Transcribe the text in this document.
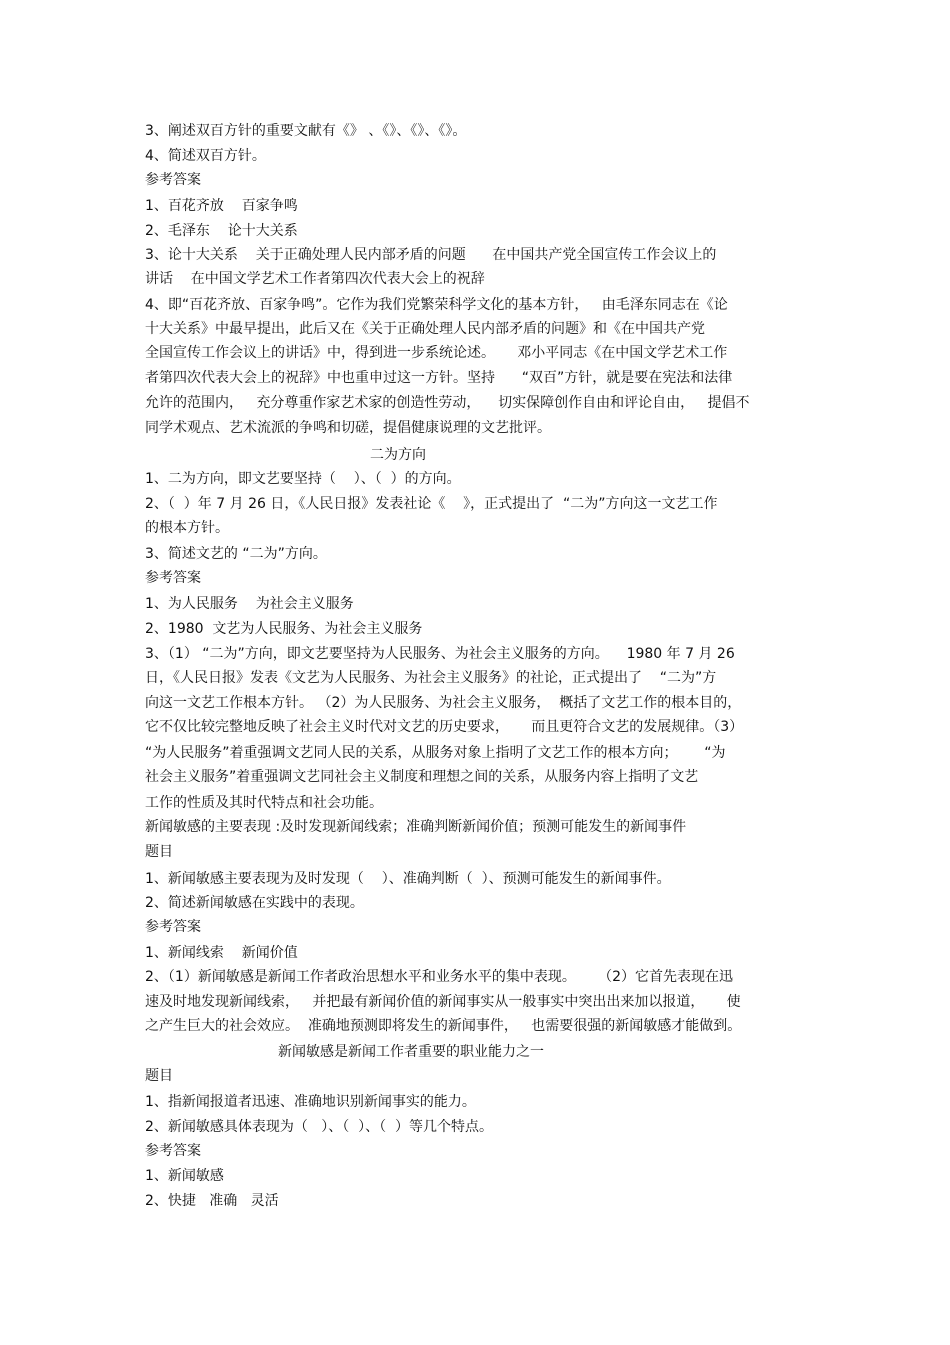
3、阐述双百方针的重要文献有《》 、《》、《》、《》。
4、简述双百方针。
参考答案
1、百花齐放    百家争鸣
2、毛泽东    论十大关系
3、论十大关系    关于正确处理人民内部矛盾的问题      在中国共产党全国宣传工作会议上的
讲话    在中国文学艺术工作者第四次代表大会上的祝辞
4、即“百花齐放、百家争鸣”。它作为我们党繁荣科学文化的基本方针，   由毛泽东同志在《论
十大关系》中最早提出，此后又在《关于正确处理人民内部矛盾的问题》和《在中国共产党
全国宣传工作会议上的讲话》中，得到进一步系统论述。     邓小平同志《在中国文学艺术工作
者第四次代表大会上的祝辞》中也重申过这一方针。坚持      “双百”方针，就是要在宪法和法律
允许的范围内，   充分尊重作家艺术家的创造性劳动，    切实保障创作自由和评论自由，   提倡不
同学术观点、艺术流派的争鸣和切磋，提倡健康说理的文艺批评。
二为方向
1、二为方向，即文艺要坚持（    ）、（  ）的方向。
2、（  ）年 7 月 26 日，《人民日报》发表社论《    》，正式提出了  “二为”方向这一文艺工作
的根本方针。
3、简述文艺的 “二为”方向。
参考答案
1、为人民服务    为社会主义服务
2、1980  文艺为人民服务、为社会主义服务
3、（1） “二为”方向，即文艺要坚持为人民服务、为社会主义服务的方向。    1980 年 7 月 26
日，《人民日报》发表《文艺为人民服务、为社会主义服务》的社论，正式提出了    “二为”方
向这一文艺工作根本方针。 （2）为人民服务、为社会主义服务，  概括了文艺工作的根本目的，
它不仅比较完整地反映了社会主义时代对文艺的历史要求，     而且更符合文艺的发展规律。（3）
“为人民服务”着重强调文艺同人民的关系，从服务对象上指明了文艺工作的根本方向；      “为
社会主义服务”着重强调文艺同社会主义制度和理想之间的关系，从服务内容上指明了文艺
工作的性质及其时代特点和社会功能。
新闻敏感的主要表现 :及时发现新闻线索；准确判断新闻价值；预测可能发生的新闻事件
题目
1、新闻敏感主要表现为及时发现（    ）、准确判断（  ）、预测可能发生的新闻事件。
2、简述新闻敏感在实践中的表现。
参考答案
1、新闻线索    新闻价值
2、（1）新闻敏感是新闻工作者政治思想水平和业务水平的集中表现。     （2）它首先表现在迅
速及时地发现新闻线索，   并把最有新闻价值的新闻事实从一般事实中突出出来加以报道，     使
之产生巨大的社会效应。  准确地预测即将发生的新闻事件，   也需要很强的新闻敏感才能做到。
新闻敏感是新闻工作者重要的职业能力之一
题目
1、指新闻报道者迅速、准确地识别新闻事实的能力。
2、新闻敏感具体表现为（   ）、（  ）、（  ）等几个特点。
参考答案
1、新闻敏感
2、快捷   准确   灵活
